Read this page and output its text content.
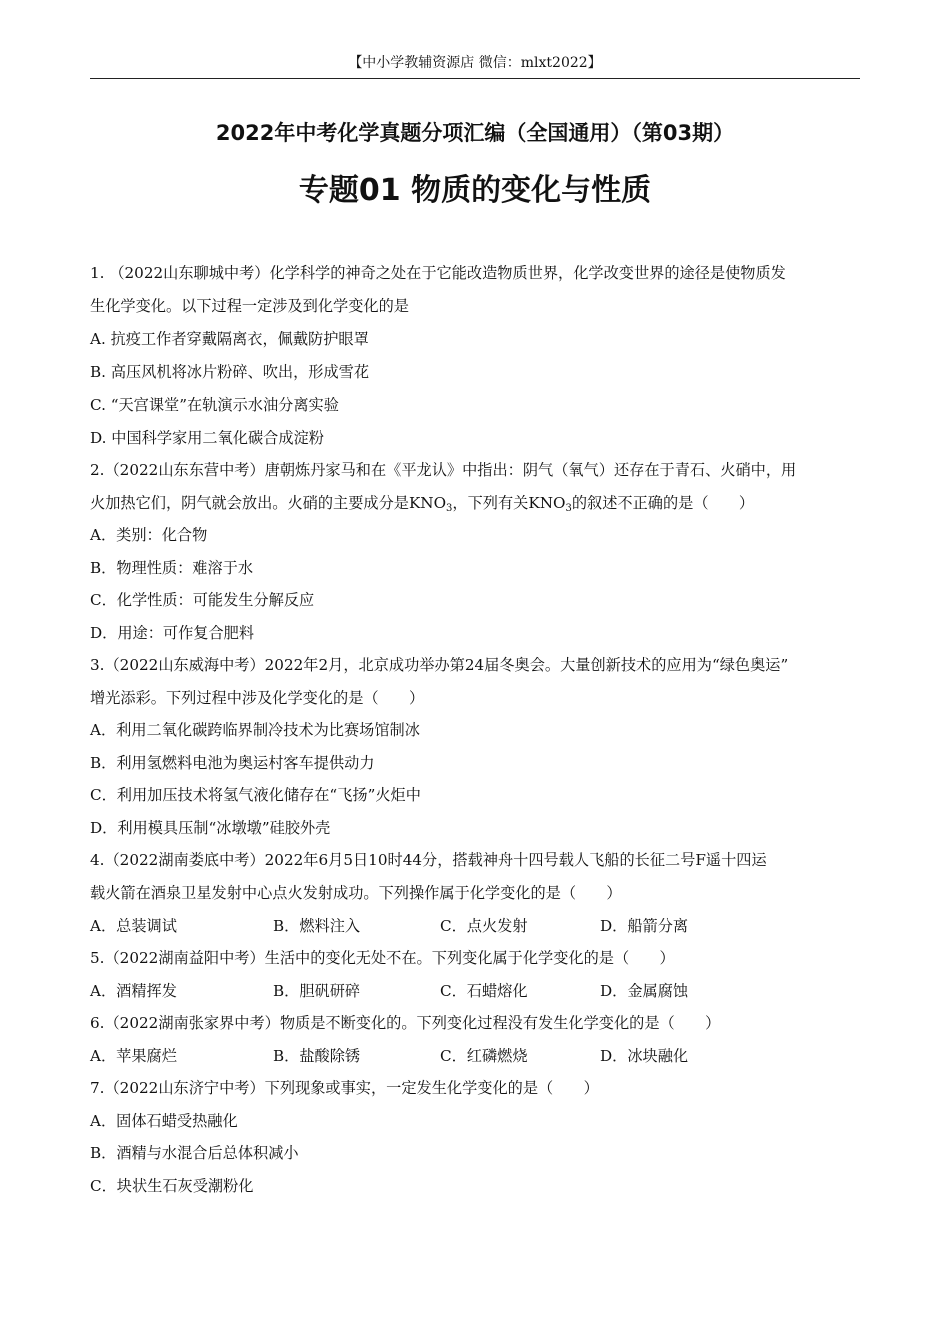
【中小学教辅资源店 微信：mlxt2022】
2022年中考化学真题分项汇编（全国通用）（第03期）
专题01 物质的变化与性质
1. （2022山东聊城中考）化学科学的神奇之处在于它能改造物质世界，化学改变世界的途径是使物质发
生化学变化。以下过程一定涉及到化学变化的是
A. 抗疫工作者穿戴隔离衣，佩戴防护眼罩
B. 高压风机将冰片粉碎、吹出，形成雪花
C. “天宫课堂”在轨演示水油分离实验
D. 中国科学家用二氧化碳合成淀粉
2.（2022山东东营中考）唐朝炼丹家马和在《平龙认》中指出：阴气（氧气）还存在于青石、火硝中，用
火加热它们，阴气就会放出。火硝的主要成分是$KNO_3$，下列有关$KNO_3$的叙述不正确的是（　　）
A．类别：化合物
B．物理性质：难溶于水
C．化学性质：可能发生分解反应
D．用途：可作复合肥料
3.（2022山东威海中考）2022年2月，北京成功举办第24届冬奥会。大量创新技术的应用为“绿色奥运”
增光添彩。下列过程中涉及化学变化的是（　　）
A．利用二氧化碳跨临界制冷技术为比赛场馆制冰
B．利用氢燃料电池为奥运村客车提供动力
C．利用加压技术将氢气液化储存在“飞扬”火炬中
D．利用模具压制“冰墩墩”硅胶外壳
4.（2022湖南娄底中考）2022年6月5日10时44分，搭载神舟十四号载人飞船的长征二号F遥十四运
载火箭在酒泉卫星发射中心点火发射成功。下列操作属于化学变化的是（　　）
A．总装调试	B．燃料注入	C．点火发射	D．船箭分离
5.（2022湖南益阳中考）生活中的变化无处不在。下列变化属于化学变化的是（　　）
A．酒精挥发	B．胆矾研碎	C．石蜡熔化	D．金属腐蚀
6.（2022湖南张家界中考）物质是不断变化的。下列变化过程没有发生化学变化的是（　　）
A．苹果腐烂	B．盐酸除锈	C．红磷燃烧	D．冰块融化
7.（2022山东济宁中考）下列现象或事实，一定发生化学变化的是（　　）
A．固体石蜡受热融化
B．酒精与水混合后总体积减小
C．块状生石灰受潮粉化
